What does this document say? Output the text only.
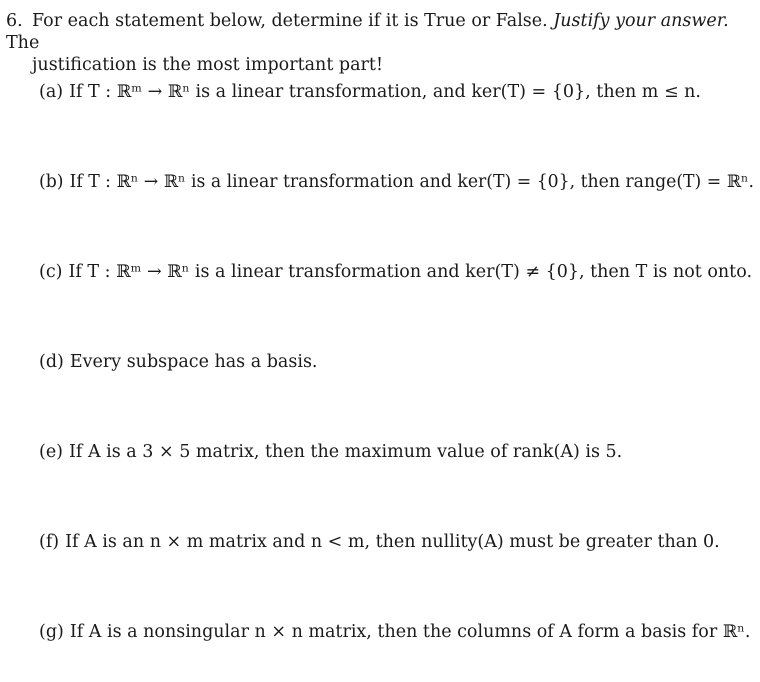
6. For each statement below, determine if it is True or False. Justify your answer. The
justification is the most important part!
(a) If T : ℝᵐ → ℝⁿ is a linear transformation, and ker(T) = {0}, then m ≤ n.
(b) If T : ℝⁿ → ℝⁿ is a linear transformation and ker(T) = {0}, then range(T) = ℝⁿ.
(c) If T : ℝᵐ → ℝⁿ is a linear transformation and ker(T) ≠ {0}, then T is not onto.
(d) Every subspace has a basis.
(e) If A is a 3 × 5 matrix, then the maximum value of rank(A) is 5.
(f) If A is an n × m matrix and n < m, then nullity(A) must be greater than 0.
(g) If A is a nonsingular n × n matrix, then the columns of A form a basis for ℝⁿ.
